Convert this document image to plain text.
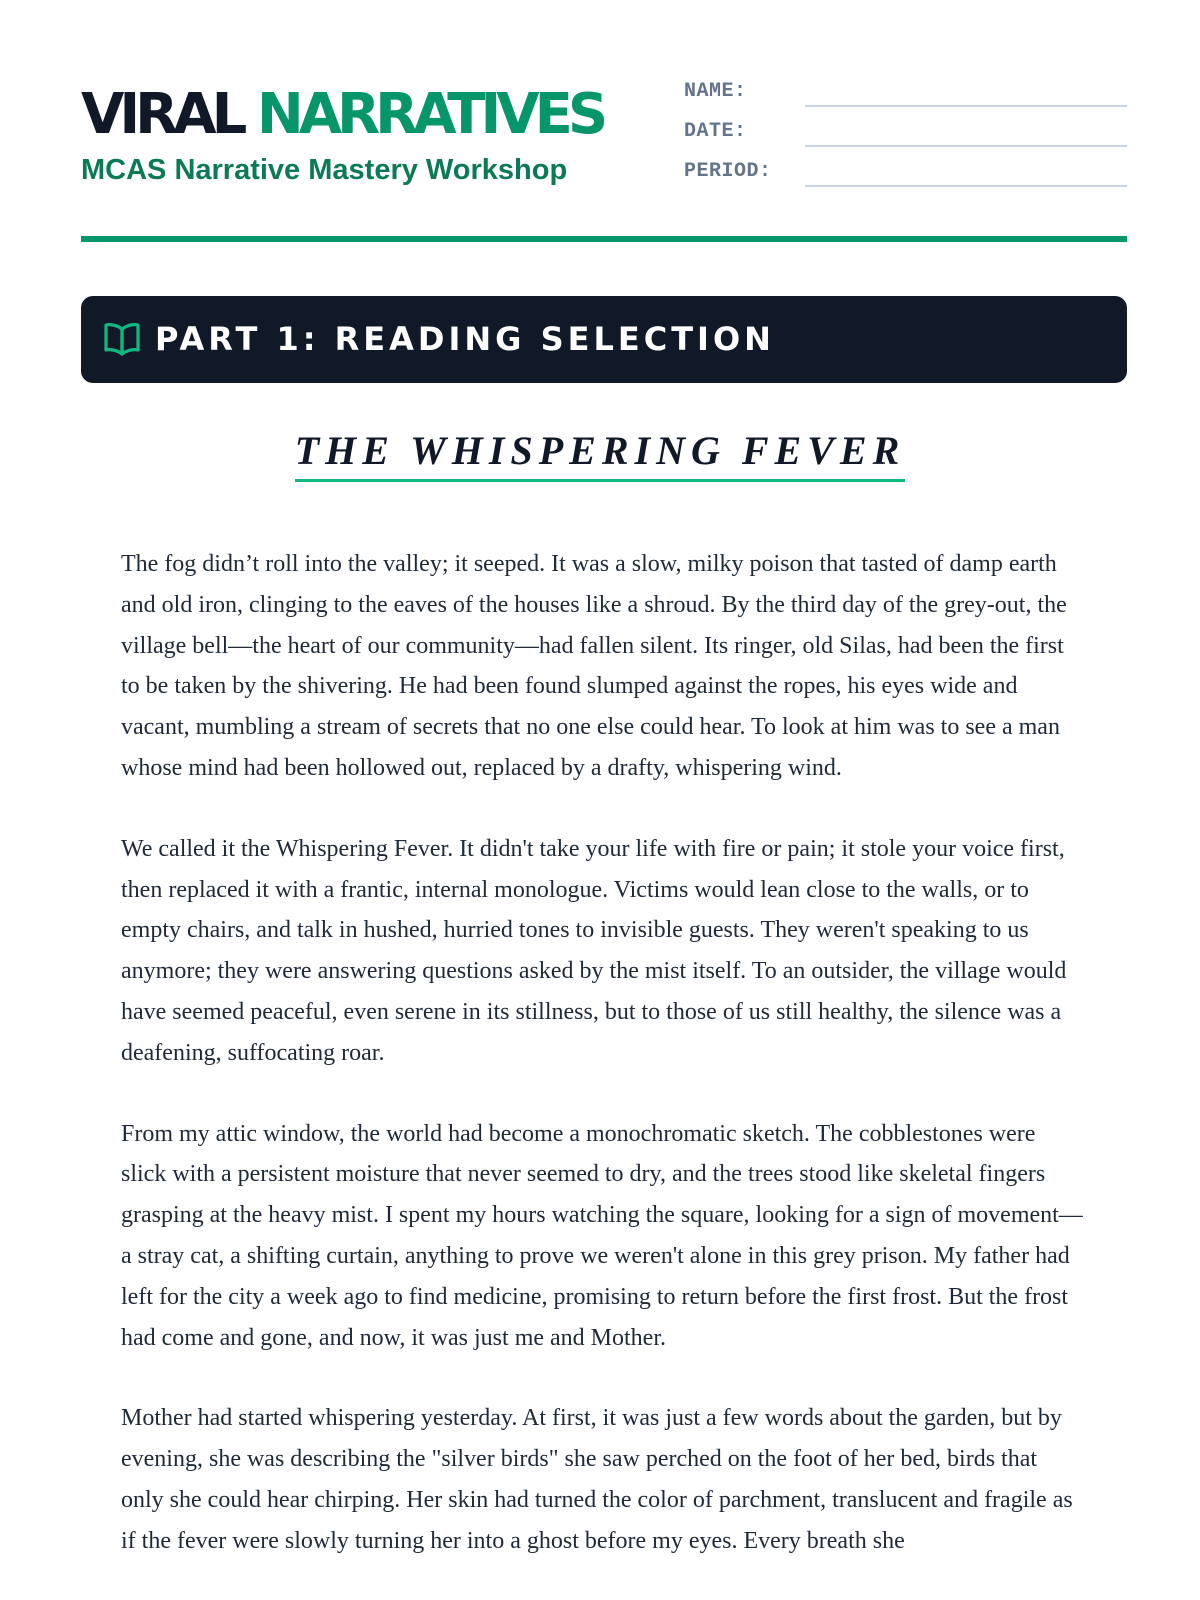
VIRAL NARRATIVES
MCAS Narrative Mastery Workshop
NAME:
DATE:
PERIOD:
PART 1: READING SELECTION
THE WHISPERING FEVER

The fog didn’t roll into the valley; it seeped. It was a slow, milky poison that tasted of damp earth and old iron, clinging to the eaves of the houses like a shroud. By the third day of the grey-out, the village bell—the heart of our community—had fallen silent. Its ringer, old Silas, had been the first to be taken by the shivering. He had been found slumped against the ropes, his eyes wide and vacant, mumbling a stream of secrets that no one else could hear. To look at him was to see a man whose mind had been hollowed out, replaced by a drafty, whispering wind.

We called it the Whispering Fever. It didn't take your life with fire or pain; it stole your voice first, then replaced it with a frantic, internal monologue. Victims would lean close to the walls, or to empty chairs, and talk in hushed, hurried tones to invisible guests. They weren't speaking to us anymore; they were answering questions asked by the mist itself. To an outsider, the village would have seemed peaceful, even serene in its stillness, but to those of us still healthy, the silence was a deafening, suffocating roar.

From my attic window, the world had become a monochromatic sketch. The cobblestones were slick with a persistent moisture that never seemed to dry, and the trees stood like skeletal fingers grasping at the heavy mist. I spent my hours watching the square, looking for a sign of movement—a stray cat, a shifting curtain, anything to prove we weren't alone in this grey prison. My father had left for the city a week ago to find medicine, promising to return before the first frost. But the frost had come and gone, and now, it was just me and Mother.

Mother had started whispering yesterday. At first, it was just a few words about the garden, but by evening, she was describing the "silver birds" she saw perched on the foot of her bed, birds that only she could hear chirping. Her skin had turned the color of parchment, translucent and fragile as if the fever were slowly turning her into a ghost before my eyes. Every breath she
